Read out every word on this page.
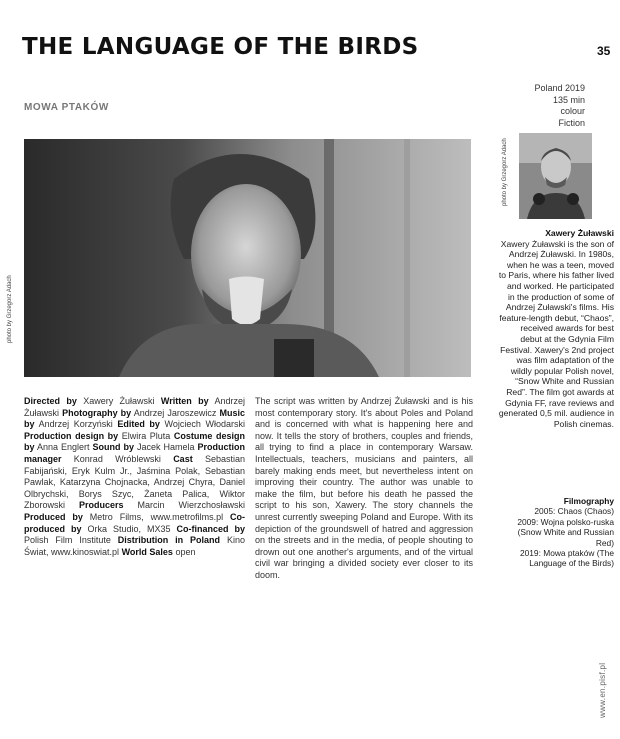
THE LANGUAGE OF THE BIRDS	35
MOWA PTAKÓW
Poland 2019
135 min
colour
Fiction
photo by Grzegorz Adach
photo by Grzegorz Adach
Xawery Żuławski
Xawery Żuławski is the son of Andrzej Żuławski. In 1980s, when he was a teen, moved to Paris, where his father lived and worked. He participated in the production of some of Andrzej Żuławski's films. His feature-length debut, “Chaos”, received awards for best debut at the Gdynia Film Festival. Xawery's 2nd project was film adaptation of the wildly popular Polish novel, “Snow White and Russian Red”. The film got awards at Gdynia FF, rave reviews and generated 0,5 mil. audience in Polish cinemas.
Filmography
2005: Chaos (Chaos)
2009: Wojna polsko-ruska (Snow White and Russian Red)
2019: Mowa ptaków (The Language of the Birds)
Directed by Xawery Żuławski Written by Andrzej Żuławski Photography by Andrzej Jaroszewicz Music by Andrzej Korzyński Edited by Wojciech Włodarski Production design by Elwira Pluta Costume design by Anna Englert Sound by Jacek Hamela Production manager Konrad Wróblewski Cast Sebastian Fabijański, Eryk Kulm Jr., Jaśmina Polak, Sebastian Pawlak, Katarzyna Chojnacka, Andrzej Chyra, Daniel Olbrychski, Borys Szyc, Żaneta Palica, Wiktor Zborowski Producers Marcin Wierzchosławski Produced by Metro Films, www.metrofilms.pl Co-produced by Orka Studio, MX35 Co-financed by Polish Film Institute Distribution in Poland Kino Świat, www.kinoswiat.pl World Sales open
The script was written by Andrzej Żuławski and is his most contemporary story. It's about Poles and Poland and is concerned with what is happening here and now. It tells the story of brothers, couples and friends, all trying to find a place in contemporary Warsaw. Intellectuals, teachers, musicians and painters, all barely making ends meet, but nevertheless intent on improving their country. The author was unable to make the film, but before his death he passed the script to his son, Xawery. The story channels the unrest currently sweeping Poland and Europe. With its depiction of the groundswell of hatred and aggression on the streets and in the media, of people shouting to drown out one another's arguments, and of the virtual civil war bringing a divided society ever closer to its doom.
www.en.pisf.pl
